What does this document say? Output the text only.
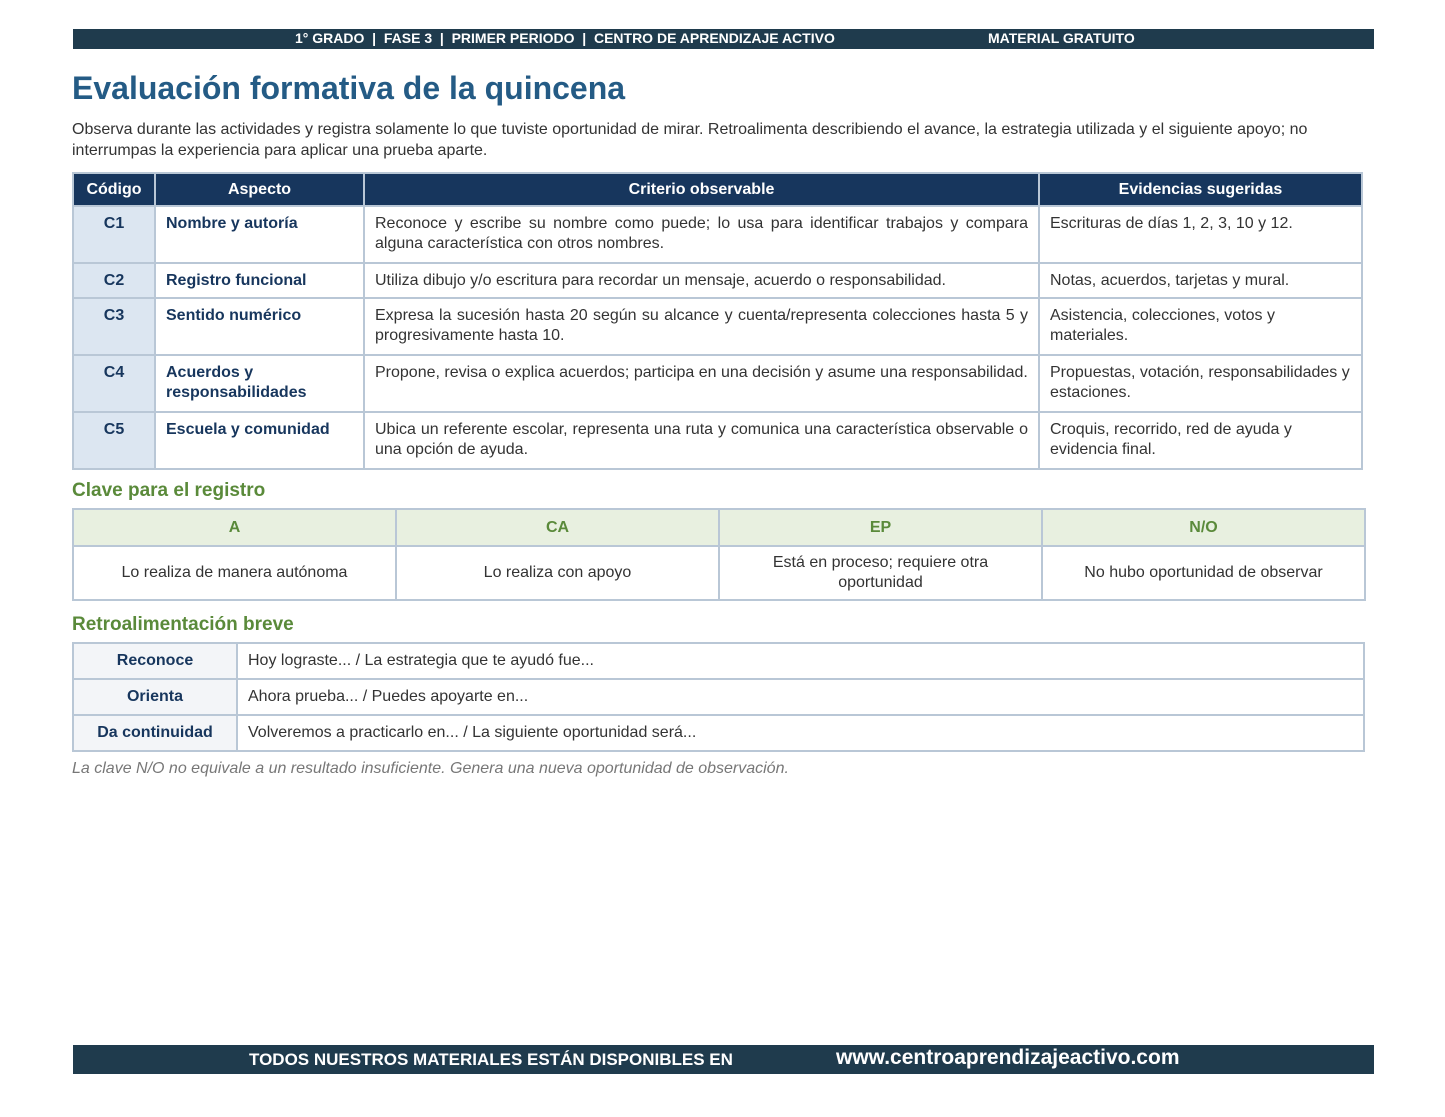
1° GRADO  |  FASE 3  |  PRIMER PERIODO  |  CENTRO DE APRENDIZAJE ACTIVO	MATERIAL GRATUITO
Evaluación formativa de la quincena

Observa durante las actividades y registra solamente lo que tuviste oportunidad de mirar. Retroalimenta describiendo el avance, la estrategia utilizada y el siguiente apoyo; no interrumpas la experiencia para aplicar una prueba aparte.

Código	Aspecto	Criterio observable	Evidencias sugeridas
C1	Nombre y autoría	Reconoce y escribe su nombre como puede; lo usa para identificar trabajos y compara alguna característica con otros nombres.	Escrituras de días 1, 2, 3, 10 y 12.
C2	Registro funcional	Utiliza dibujo y/o escritura para recordar un mensaje, acuerdo o responsabilidad.	Notas, acuerdos, tarjetas y mural.
C3	Sentido numérico	Expresa la sucesión hasta 20 según su alcance y cuenta/representa colecciones hasta 5 y progresivamente hasta 10.	Asistencia, colecciones, votos y materiales.
C4	Acuerdos y responsabilidades	Propone, revisa o explica acuerdos; participa en una decisión y asume una responsabilidad.	Propuestas, votación, responsabilidades y estaciones.
C5	Escuela y comunidad	Ubica un referente escolar, representa una ruta y comunica una característica observable o una opción de ayuda.	Croquis, recorrido, red de ayuda y evidencia final.
Clave para el registro
A	CA	EP	N/O
Lo realiza de manera autónoma	Lo realiza con apoyo	Está en proceso; requiere otra oportunidad	No hubo oportunidad de observar
Retroalimentación breve
Reconoce	Hoy lograste... / La estrategia que te ayudó fue...
Orienta	Ahora prueba... / Puedes apoyarte en...
Da continuidad	Volveremos a practicarlo en... / La siguiente oportunidad será...

La clave N/O no equivale a un resultado insuficiente. Genera una nueva oportunidad de observación.

TODOS NUESTROS MATERIALES ESTÁN DISPONIBLES EN	www.centroaprendizajeactivo.com
